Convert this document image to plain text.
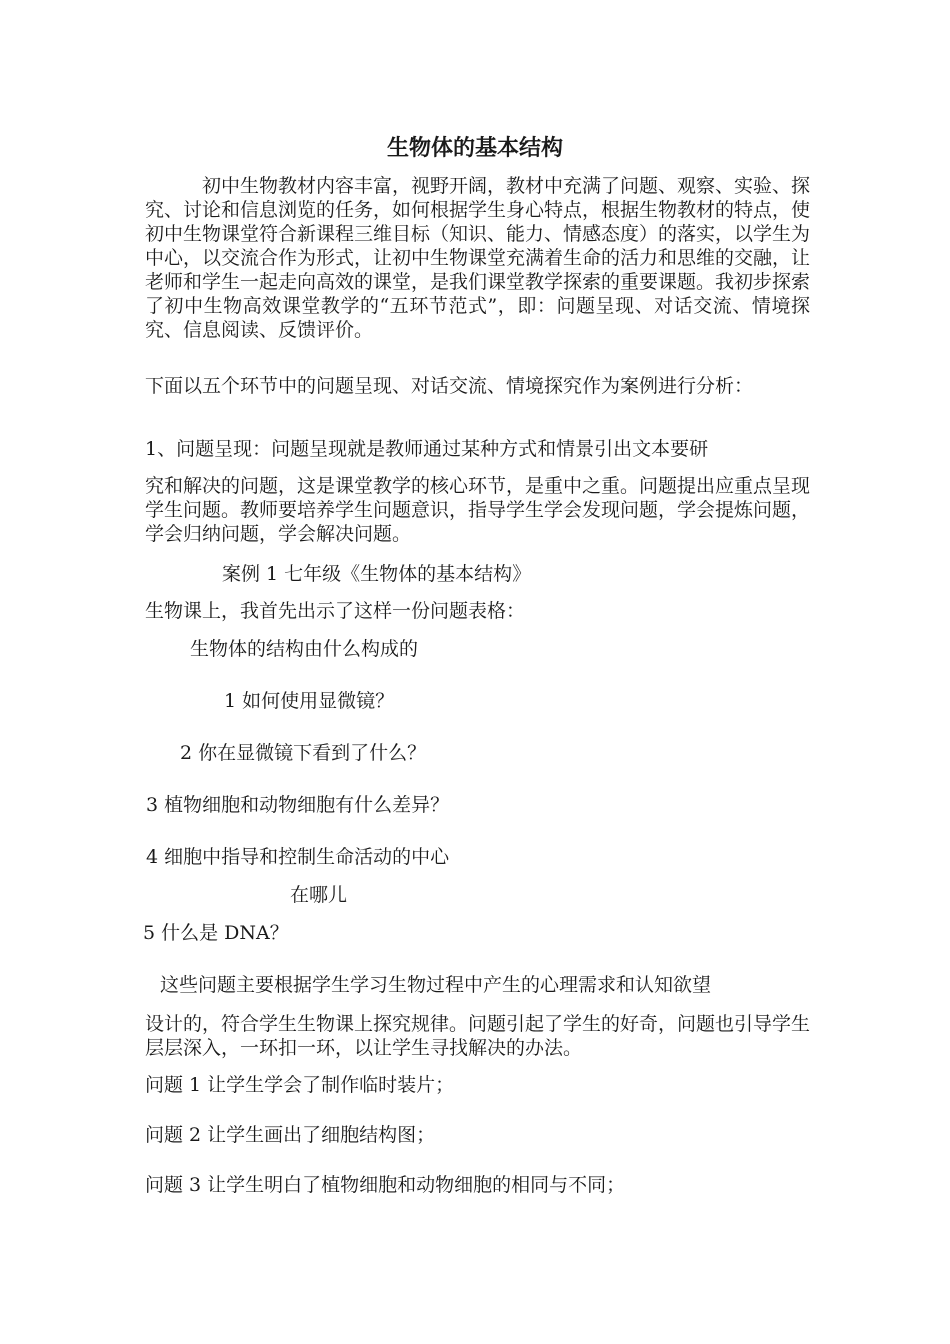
生物体的基本结构

　　　初中生物教材内容丰富，视野开阔，教材中充满了问题、观察、实验、探究、讨论和信息浏览的任务，如何根据学生身心特点，根据生物教材的特点，使初中生物课堂符合新课程三维目标（知识、能力、情感态度）的落实，以学生为中心，以交流合作为形式，让初中生物课堂充满着生命的活力和思维的交融，让老师和学生一起走向高效的课堂，是我们课堂教学探索的重要课题。我初步探索了初中生物高效课堂教学的“五环节范式”，即：问题呈现、对话交流、情境探究、信息阅读、反馈评价。

下面以五个环节中的问题呈现、对话交流、情境探究作为案例进行分析：

1、问题呈现：问题呈现就是教师通过某种方式和情景引出文本要研

究和解决的问题，这是课堂教学的核心环节，是重中之重。问题提出应重点呈现学生问题。教师要培养学生问题意识，指导学生学会发现问题，学会提炼问题，学会归纳问题，学会解决问题。

案例 1 七年级《生物体的基本结构》

生物课上，我首先出示了这样一份问题表格：

生物体的结构由什么构成的

1 如何使用显微镜？

2 你在显微镜下看到了什么？

3 植物细胞和动物细胞有什么差异？

4 细胞中指导和控制生命活动的中心

在哪儿

5 什么是 DNA？

这些问题主要根据学生学习生物过程中产生的心理需求和认知欲望

设计的，符合学生生物课上探究规律。问题引起了学生的好奇，问题也引导学生层层深入，一环扣一环，以让学生寻找解决的办法。

问题 1 让学生学会了制作临时装片；

问题 2 让学生画出了细胞结构图；

问题 3 让学生明白了植物细胞和动物细胞的相同与不同；
